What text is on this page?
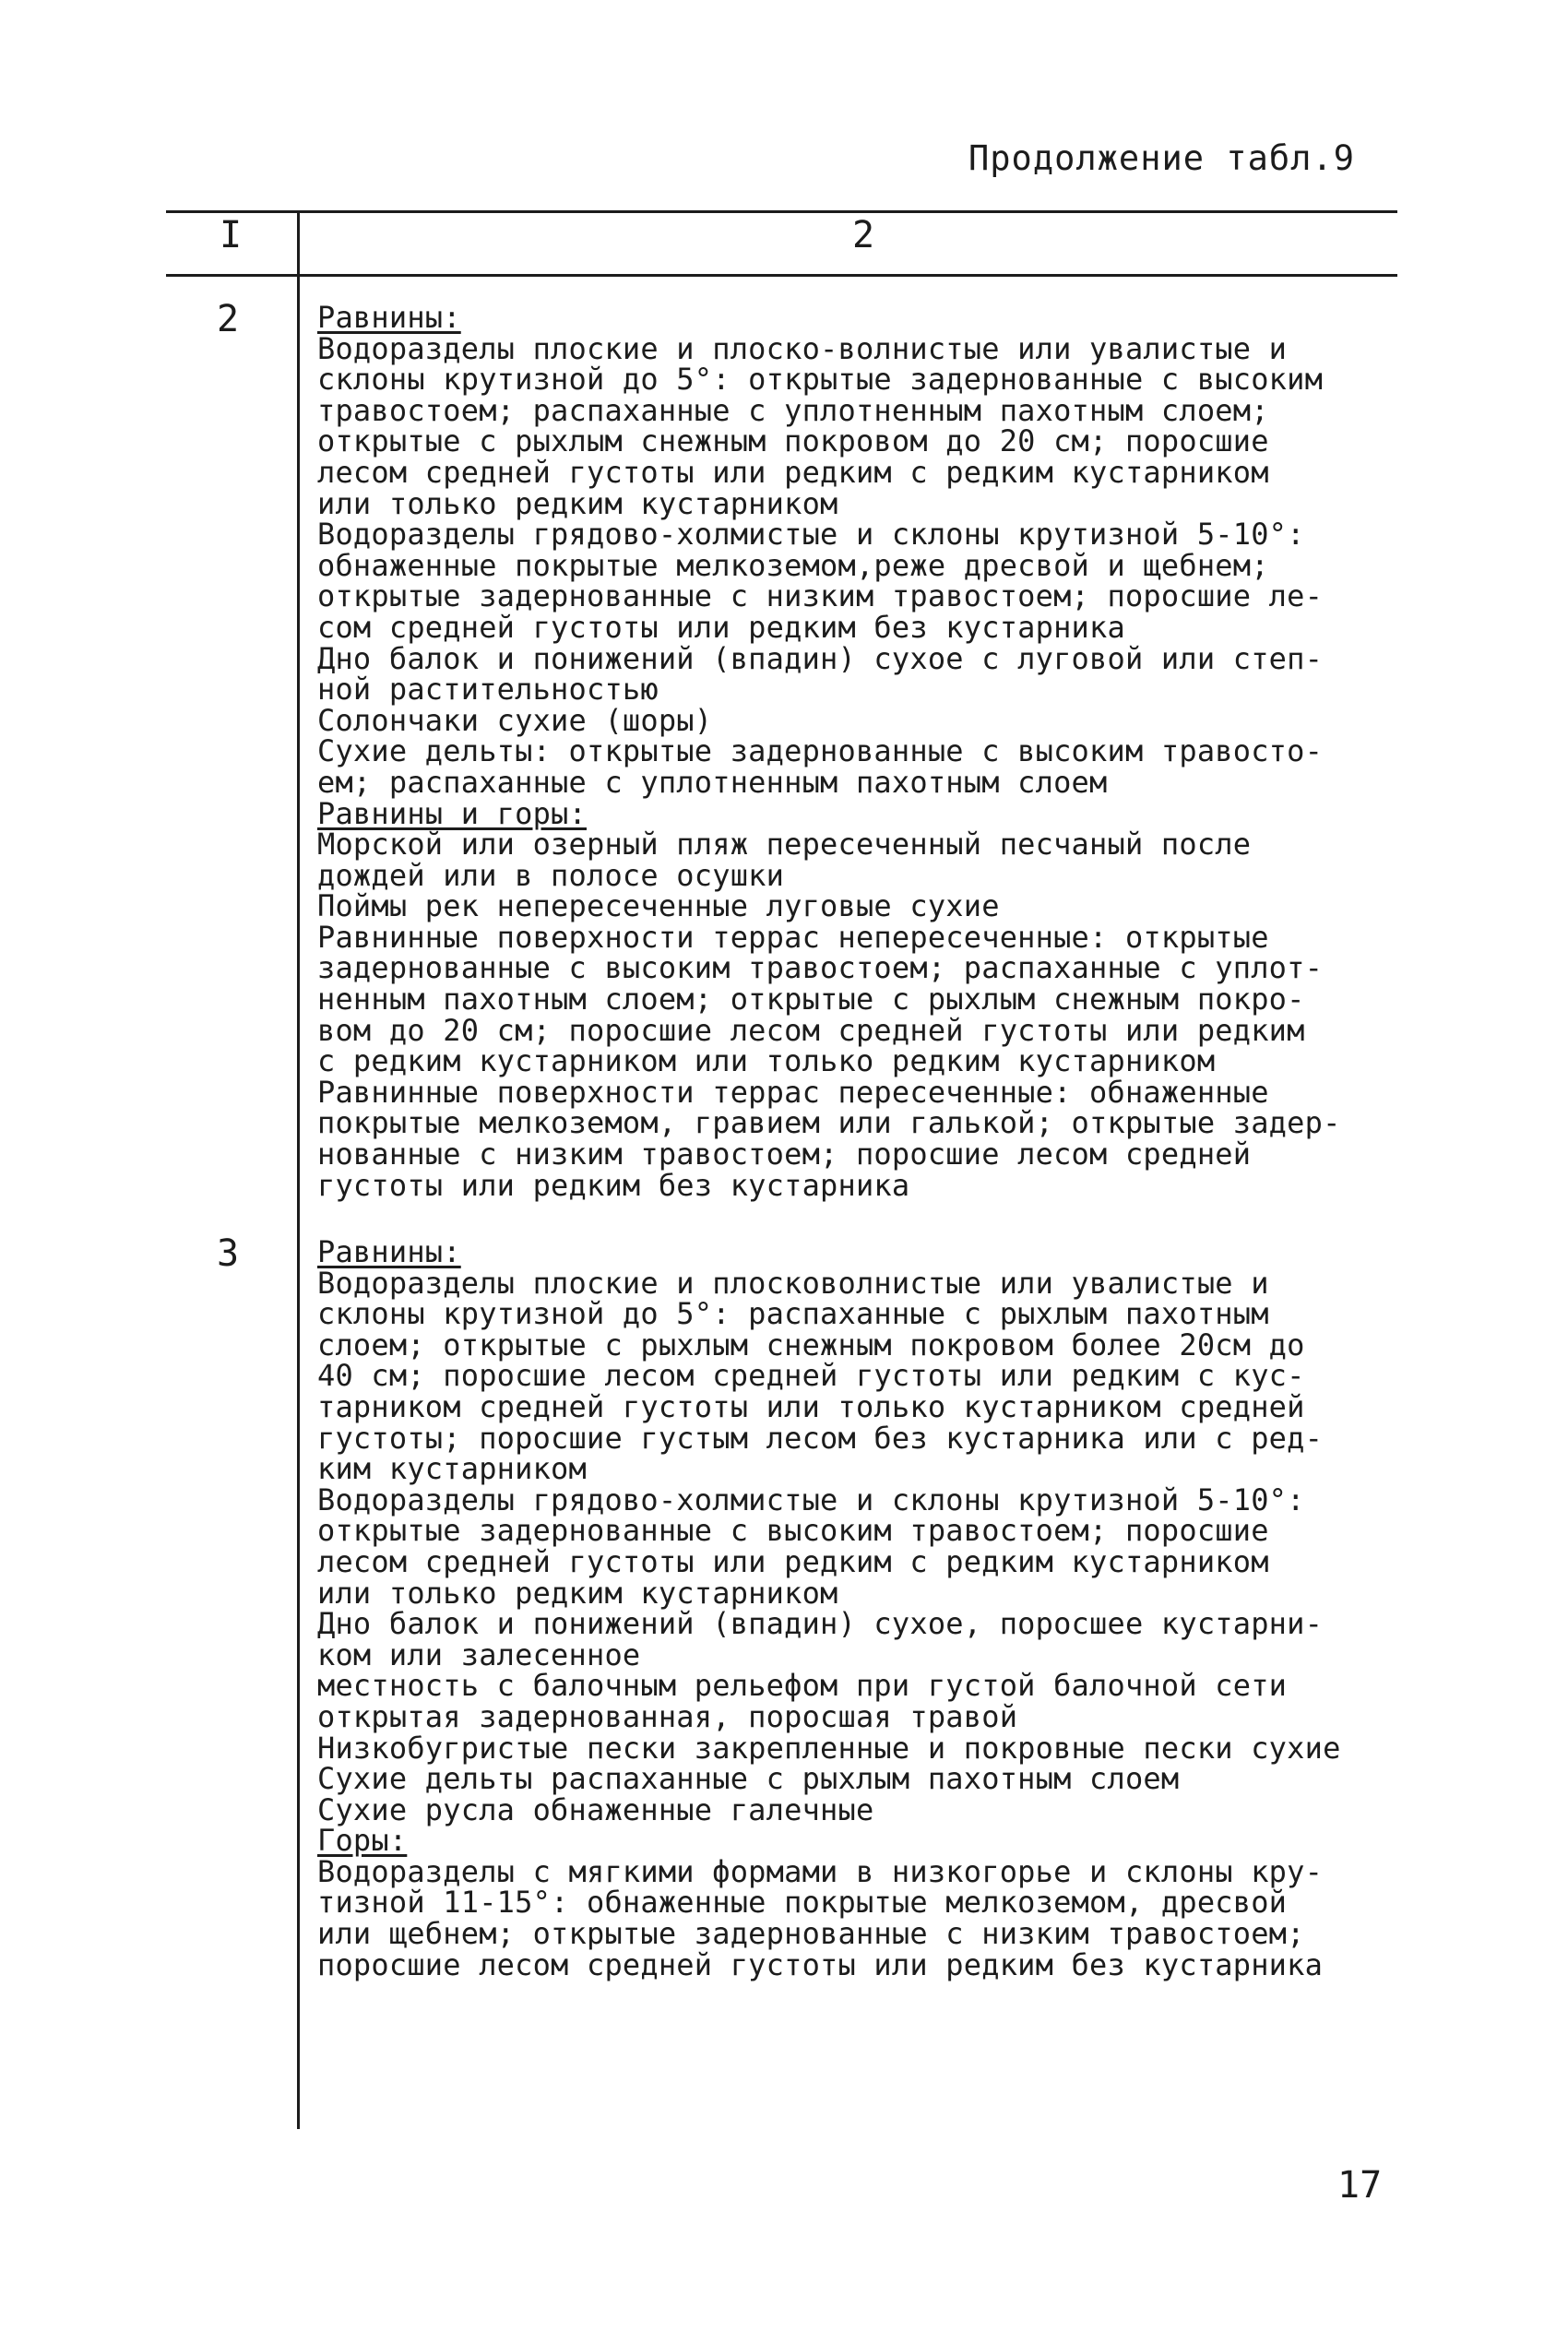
Продолжение табл.9
I	2
2	Равнины:
Водоразделы плоские и плоско-волнистые или увалистые и
склоны крутизной до 5°: открытые задернованные с высоким
травостоем; распаханные с уплотненным пахотным слоем;
открытые с рыхлым снежным покровом до 20 см; поросшие
лесом средней густоты или редким с редким кустарником
или только редким кустарником
Водоразделы грядово-холмистые и склоны крутизной 5-10°:
обнаженные покрытые мелкоземом,реже дресвой и щебнем;
открытые задернованные с низким травостоем; поросшие ле-
сом средней густоты или редким без кустарника
Дно балок и понижений (впадин) сухое с луговой или степ-
ной растительностью
Солончаки сухие (шоры)
Сухие дельты: открытые задернованные с высоким травосто-
ем; распаханные с уплотненным пахотным слоем
Равнины и горы:
Морской или озерный пляж пересеченный песчаный после
дождей или в полосе осушки
Поймы рек непересеченные луговые сухие
Равнинные поверхности террас непересеченные: открытые
задернованные с высоким травостоем; распаханные с уплот-
ненным пахотным слоем; открытые с рыхлым снежным покро-
вом до 20 см; поросшие лесом средней густоты или редким
с редким кустарником или только редким кустарником
Равнинные поверхности террас пересеченные: обнаженные
покрытые мелкоземом, гравием или галькой; открытые задер-
нованные с низким травостоем; поросшие лесом средней
густоты или редким без кустарника
3	Равнины:
Водоразделы плоские и плосковолнистые или увалистые и
склоны крутизной до 5°: распаханные с рыхлым пахотным
слоем; открытые с рыхлым снежным покровом более 20см до
40 см; поросшие лесом средней густоты или редким с кус-
тарником средней густоты или только кустарником средней
густоты; поросшие густым лесом без кустарника или с ред-
ким кустарником
Водоразделы грядово-холмистые и склоны крутизной 5-10°:
открытые задернованные с высоким травостоем; поросшие
лесом средней густоты или редким с редким кустарником
или только редким кустарником
Дно балок и понижений (впадин) сухое, поросшее кустарни-
ком или залесенное
местность с балочным рельефом при густой балочной сети
открытая задернованная, поросшая травой
Низкобугристые пески закрепленные и покровные пески сухие
Сухие дельты распаханные с рыхлым пахотным слоем
Сухие русла обнаженные галечные
Горы:
Водоразделы с мягкими формами в низкогорье и склоны кру-
тизной 11-15°: обнаженные покрытые мелкоземом, дресвой
или щебнем; открытые задернованные с низким травостоем;
поросшие лесом средней густоты или редким без кустарника
17
